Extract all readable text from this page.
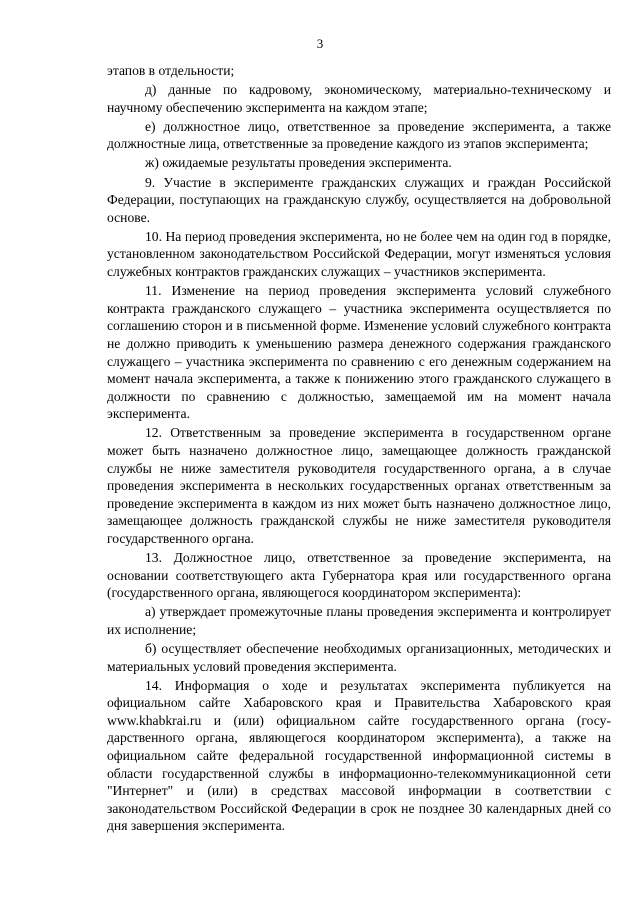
3

этапов в отдельности;

д) данные по кадровому, экономическому, материально-техническому и научному обеспечению эксперимента на каждом этапе;

е) должностное лицо, ответственное за проведение эксперимента, а также должностные лица, ответственные за проведение каждого из этапов эксперимента;

ж) ожидаемые результаты проведения эксперимента.

9. Участие в эксперименте гражданских служащих и граждан Российской Федерации, поступающих на гражданскую службу, осуществляется на добровольной основе.

10. На период проведения эксперимента, но не более чем на один год в порядке, установленном законодательством Российской Федерации, могут изменяться условия служебных контрактов гражданских служащих – участников эксперимента.

11. Изменение на период проведения эксперимента условий служебного контракта гражданского служащего – участника эксперимента осуществляется по соглашению сторон и в письменной форме. Изменение условий служебного контракта не должно приводить к уменьшению размера денежного содержания гражданского служащего – участника эксперимента по сравнению с его денежным содержанием на момент начала эксперимента, а также к понижению этого гражданского служащего в должности по сравнению с должностью, замещаемой им на момент начала эксперимента.

12. Ответственным за проведение эксперимента в государственном органе может быть назначено должностное лицо, замещающее должность гражданской службы не ниже заместителя руководителя государственного органа, а в случае проведения эксперимента в нескольких государственных органах ответственным за проведение эксперимента в каждом из них может быть назначено должностное лицо, замещающее должность гражданской службы не ниже заместителя руководителя государственного органа.

13. Должностное лицо, ответственное за проведение эксперимента, на основании соответствующего акта Губернатора края или государственного органа (государственного органа, являющегося координатором эксперимента):

а) утверждает промежуточные планы проведения эксперимента и контролирует их исполнение;

б) осуществляет обеспечение необходимых организационных, методических и материальных условий проведения эксперимента.

14. Информация о ходе и результатах эксперимента публикуется на официальном сайте Хабаровского края и Правительства Хабаровского края www.khabkrai.ru и (или) официальном сайте государственного органа (государственного органа, являющегося координатором эксперимента), а также на официальном сайте федеральной государственной информационной системы в области государственной службы в информационно-телекоммуникационной сети "Интернет" и (или) в средствах массовой информации в соответствии с законодательством Российской Федерации в срок не позднее 30 календарных дней со дня завершения эксперимента.
